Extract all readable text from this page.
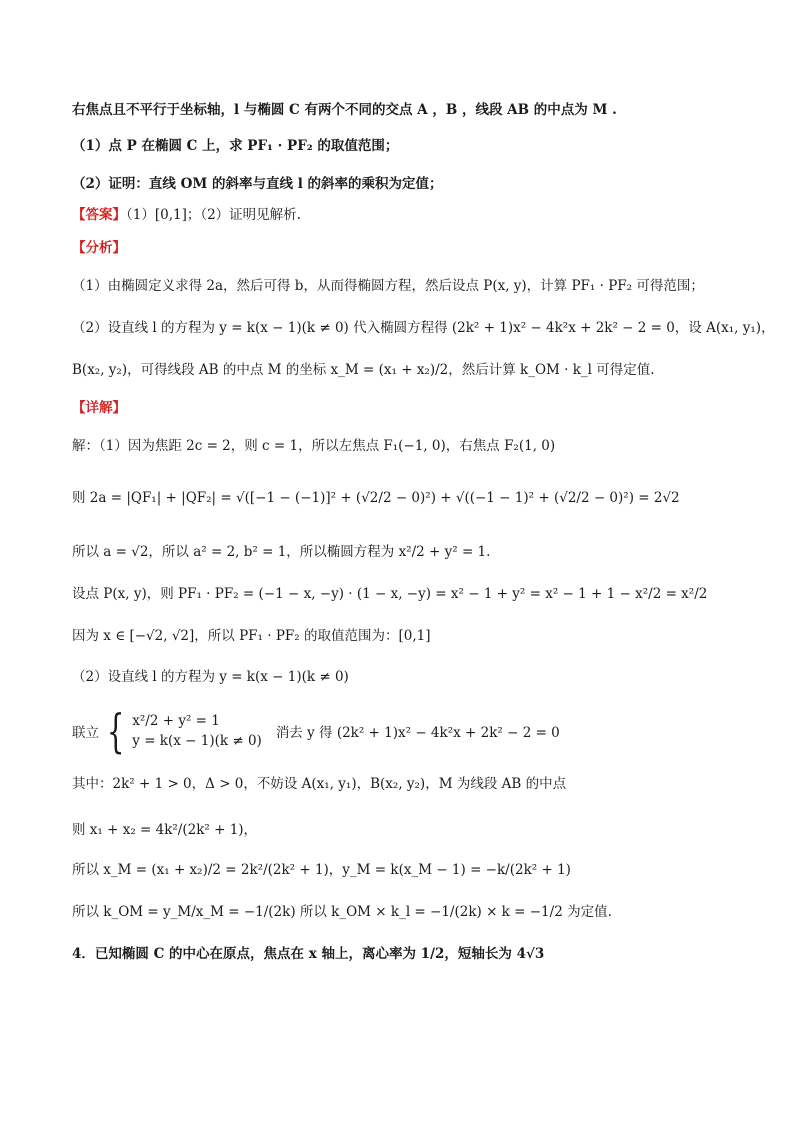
右焦点且不平行于坐标轴，l 与椭圆 C 有两个不同的交点 A ，B ，线段 AB 的中点为 M .
（1）点 P 在椭圆 C 上，求 PF₁ · PF₂ 的取值范围；
（2）证明：直线 OM 的斜率与直线 l 的斜率的乘积为定值；
【答案】（1）[0,1]；（2）证明见解析.
【分析】
（1）由椭圆定义求得 2a，然后可得 b，从而得椭圆方程，然后设点 P(x, y)，计算 PF₁ · PF₂ 可得范围；
（2）设直线 l 的方程为 y = k(x − 1)(k ≠ 0) 代入椭圆方程得 (2k² + 1)x² − 4k²x + 2k² − 2 = 0，设 A(x₁, y₁)，
B(x₂, y₂)，可得线段 AB 的中点 M 的坐标 x_M = (x₁ + x₂)/2，然后计算 k_OM · k_l 可得定值.
【详解】
解：（1）因为焦距 2c = 2，则 c = 1，所以左焦点 F₁(−1, 0)，右焦点 F₂(1, 0)
则 2a = |QF₁| + |QF₂| = √([−1 − (−1)]² + (√2/2 − 0)²) + √((−1 − 1)² + (√2/2 − 0)²) = 2√2
所以 a = √2，所以 a² = 2, b² = 1，所以椭圆方程为 x²/2 + y² = 1.
设点 P(x, y)，则 PF₁ · PF₂ = (−1 − x, −y) · (1 − x, −y) = x² − 1 + y² = x² − 1 + 1 − x²/2 = x²/2
因为 x ∈ [−√2, √2]，所以 PF₁ · PF₂ 的取值范围为：[0,1]
（2）设直线 l 的方程为 y = k(x − 1)(k ≠ 0)
联立 { x²/2 + y² = 1
y = k(x − 1)(k ≠ 0) 消去 y 得 (2k² + 1)x² − 4k²x + 2k² − 2 = 0
其中：2k² + 1 > 0，Δ > 0，不妨设 A(x₁, y₁)，B(x₂, y₂)，M 为线段 AB 的中点
则 x₁ + x₂ = 4k²/(2k² + 1)，
所以 x_M = (x₁ + x₂)/2 = 2k²/(2k² + 1)，y_M = k(x_M − 1) = −k/(2k² + 1)
所以 k_OM = y_M/x_M = −1/(2k) 所以 k_OM × k_l = −1/(2k) × k = −1/2 为定值.
4．已知椭圆 C 的中心在原点，焦点在 x 轴上，离心率为 1/2，短轴长为 4√3
